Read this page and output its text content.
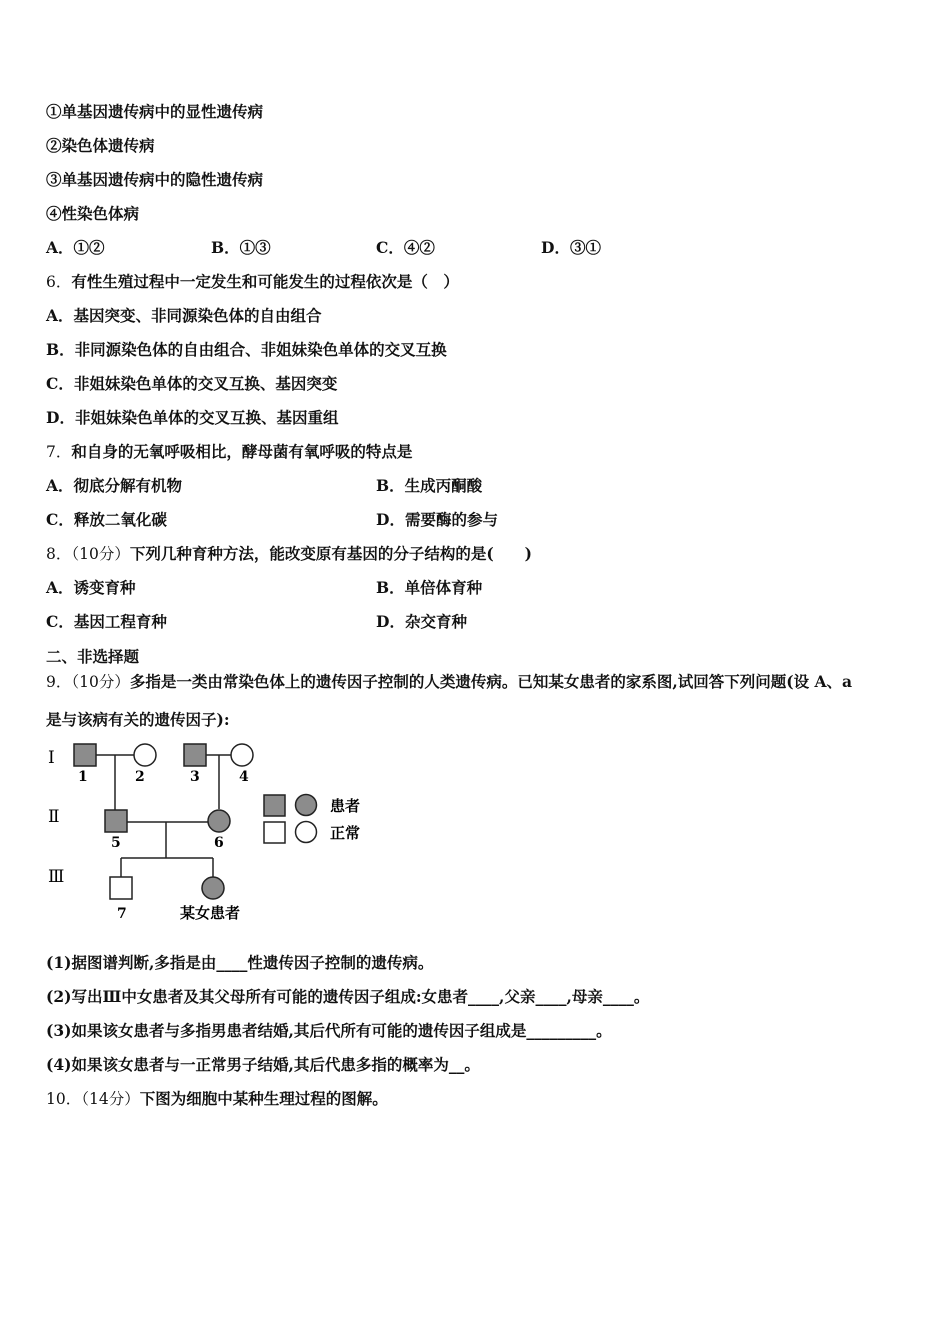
①单基因遗传病中的显性遗传病
②染色体遗传病
③单基因遗传病中的隐性遗传病
④性染色体病
A．①②	B．①③	C．④②	D．③①
6．有性生殖过程中一定发生和可能发生的过程依次是（　）
A．基因突变、非同源染色体的自由组合
B．非同源染色体的自由组合、非姐妹染色单体的交叉互换
C．非姐妹染色单体的交叉互换、基因突变
D．非姐妹染色单体的交叉互换、基因重组
7．和自身的无氧呼吸相比，酵母菌有氧呼吸的特点是
A．彻底分解有机物	B．生成丙酮酸
C．释放二氧化碳	D．需要酶的参与
8．（10分）下列几种育种方法，能改变原有基因的分子结构的是(　　)
A．诱变育种	B．单倍体育种
C．基因工程育种	D．杂交育种
二、非选择题
9．（10分）多指是一类由常染色体上的遗传因子控制的人类遗传病。已知某女患者的家系图,试回答下列问题(设 A、a
是与该病有关的遗传因子):
Ⅰ
Ⅱ
Ⅲ
1	2	3	4
5	6
7	某女患者
患者
正常
(1)据图谱判断,多指是由____性遗传因子控制的遗传病。
(2)写出Ⅲ中女患者及其父母所有可能的遗传因子组成:女患者____,父亲____,母亲____。
(3)如果该女患者与多指男患者结婚,其后代所有可能的遗传因子组成是_________。
(4)如果该女患者与一正常男子结婚,其后代患多指的概率为__。
10．（14分）下图为细胞中某种生理过程的图解。
